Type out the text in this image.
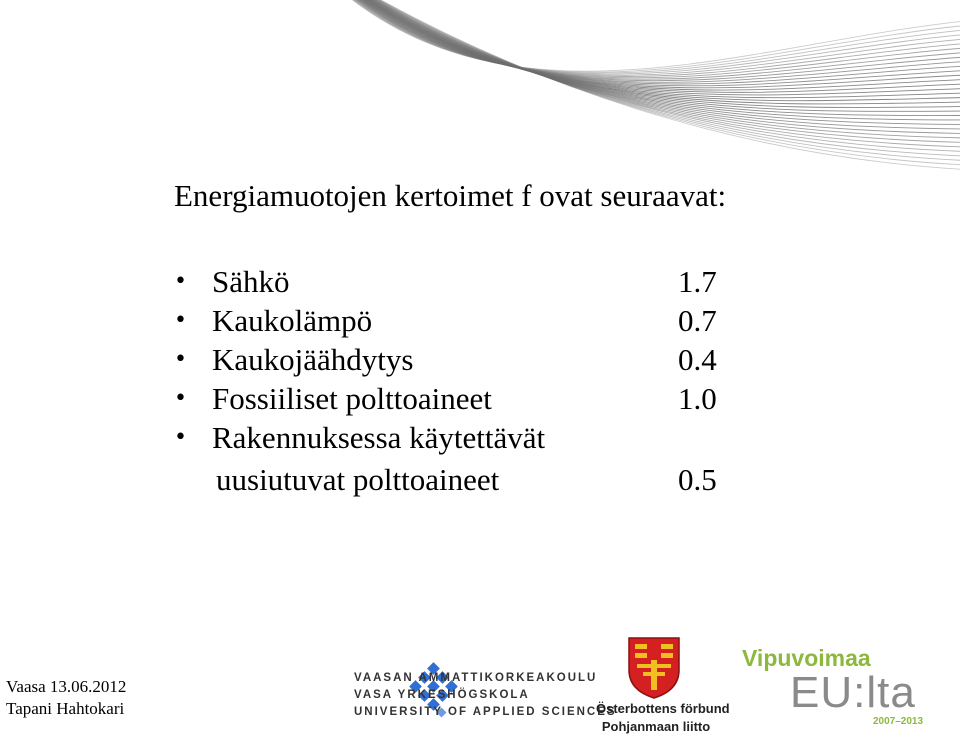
Energiamuotojen kertoimet f ovat seuraavat:
• Sähkö	1.7
• Kaukolämpö	0.7
• Kaukojäähdytys	0.4
• Fossiiliset polttoaineet	1.0
• Rakennuksessa käytettävät
uusiutuvat polttoaineet	0.5
Vaasa 13.06.2012
Tapani Hahtokari
VAASAN AMMATTIKORKEAKOULU
VASA YRKESHÖGSKOLA
UNIVERSITY OF APPLIED SCIENCES
Österbottens förbund
Pohjanmaan liitto
Vipuvoimaa
EU:lta
2007–2013
